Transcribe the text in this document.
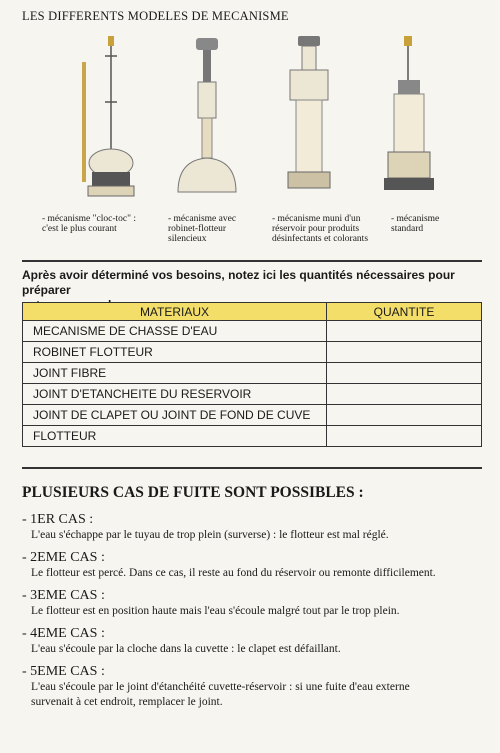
LES DIFFERENTS MODELES DE MECANISME
- mécanisme "cloc-toc" :
c'est le plus courant
- mécanisme avec
robinet-flotteur
silencieux
- mécanisme muni d'un
réservoir pour produits
désinfectants et colorants
- mécanisme
standard
Après avoir déterminé vos besoins, notez ici les quantités nécessaires pour préparer

MATERIAUX	QUANTITE
MECANISME DE CHASSE D'EAU	
ROBINET FLOTTEUR	
JOINT FIBRE	
JOINT D'ETANCHEITE DU RESERVOIR	
JOINT DE CLAPET OU JOINT DE FOND DE CUVE	
FLOTTEUR	
PLUSIEURS CAS DE FUITE SONT POSSIBLES :
- 1ER CAS :
L'eau s'échappe par le tuyau de trop plein (surverse) : le flotteur est mal réglé.
- 2EME CAS :
Le flotteur est percé. Dans ce cas, il reste au fond du réservoir ou remonte difficilement.
- 3EME CAS :
Le flotteur est en position haute mais l'eau s'écoule malgré tout par le trop plein.
- 4EME CAS :
L'eau s'écoule par la cloche dans la cuvette : le clapet est défaillant.
- 5EME CAS :
L'eau s'écoule par le joint d'étanchéité cuvette-réservoir : si une fuite d'eau externe
survenait à cet endroit, remplacer le joint.
